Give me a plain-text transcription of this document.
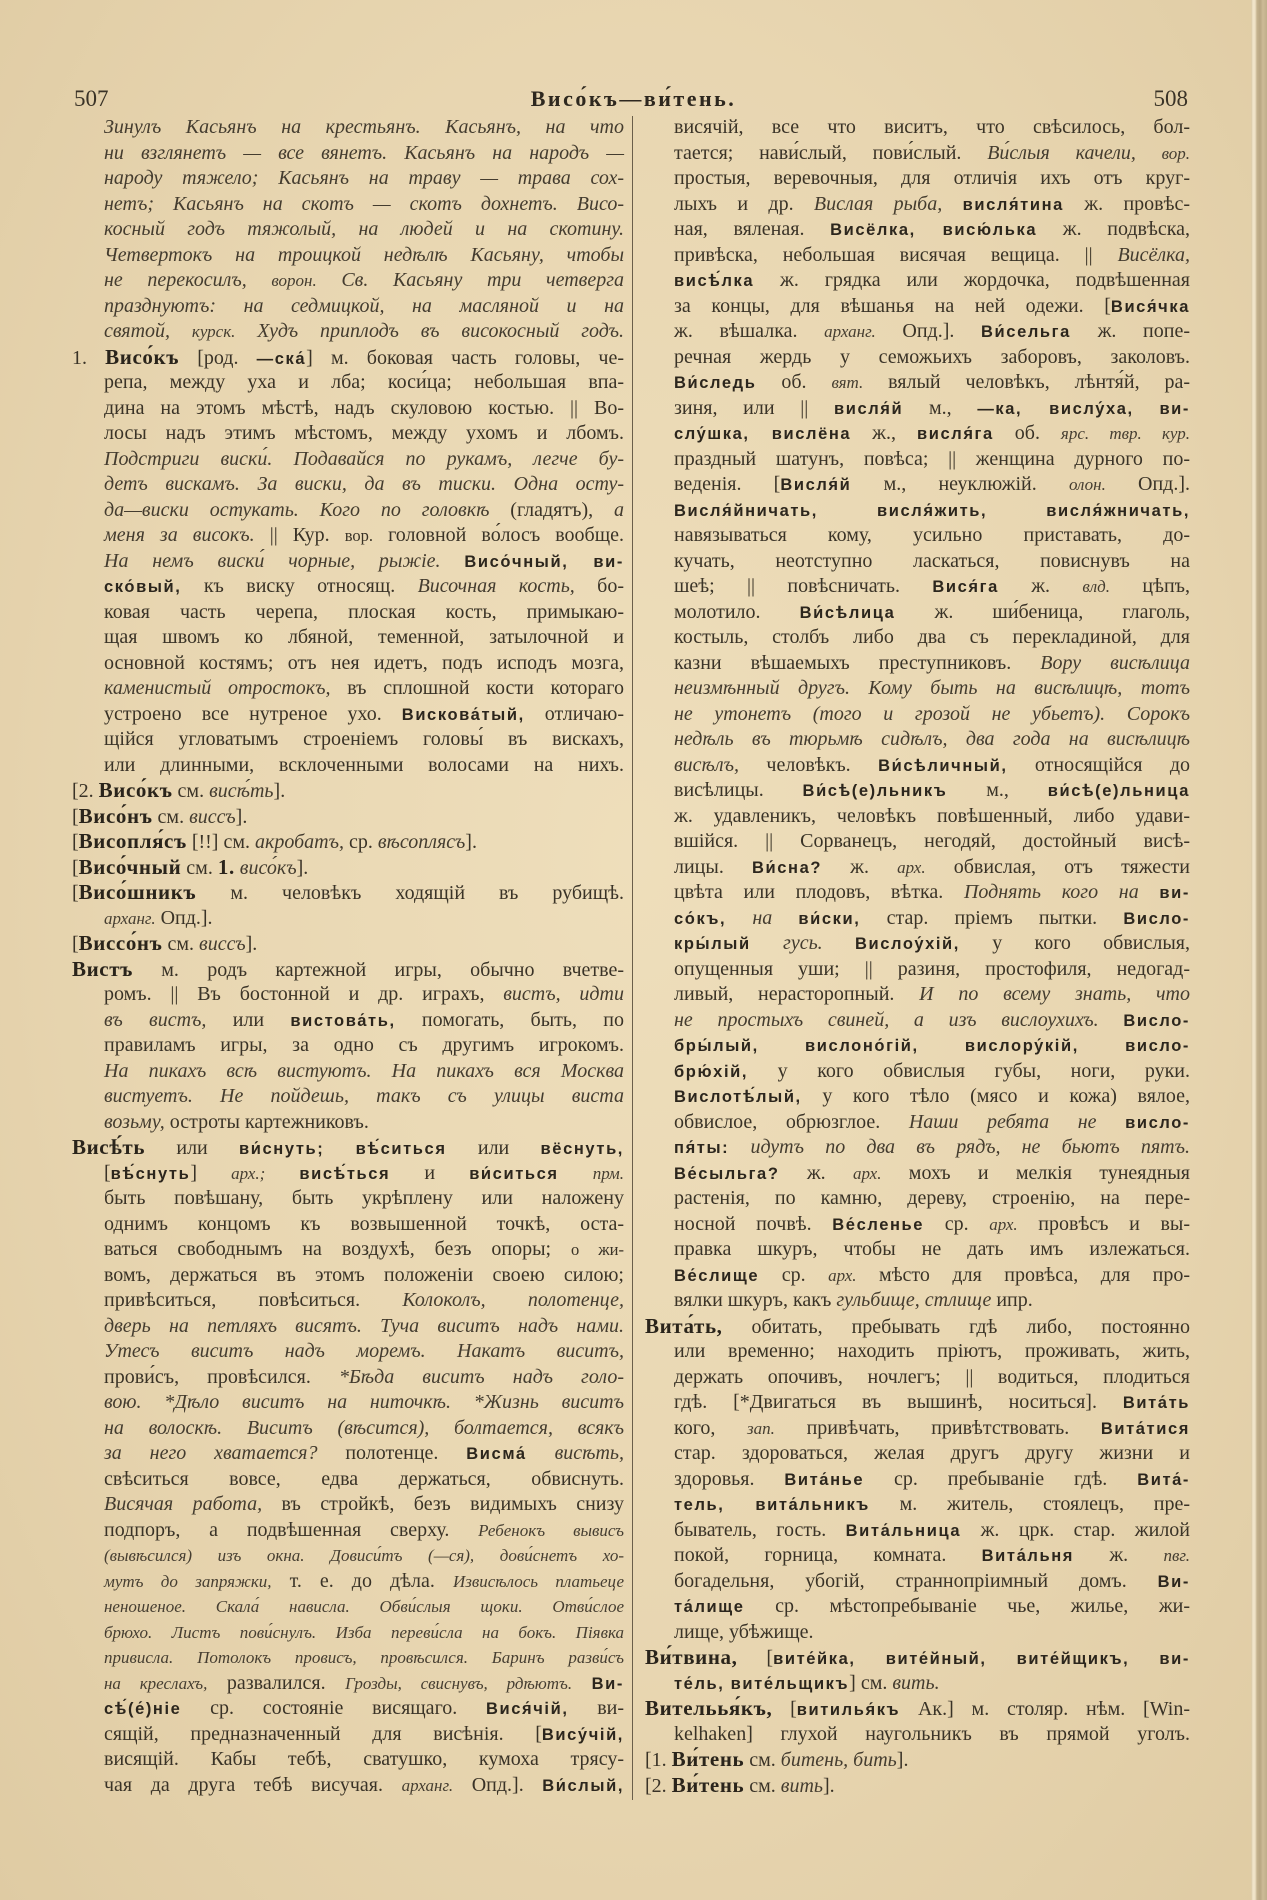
507	Висо́къ—ви́тень.	508
Зинулъ Касьянъ на крестьянъ. Касьянъ, на что
ни взглянетъ — все вянетъ. Касьянъ на народъ —
народу тяжело; Касьянъ на траву — трава сох-
нетъ; Касьянъ на скотъ — скотъ дохнетъ. Висо-
косный годъ тяжолый, на людей и на скотину.
Четвертокъ на троицкой недѣлѣ Касьяну, чтобы
не перекосилъ, ворон. Св. Касьяну три четверга
празднуютъ: на седмицкой, на масляной и на
святой, курск. Худъ приплодъ въ високосный годъ.
1. Висо́къ [род. —ска́] м. боковая часть головы, че-
репа, между уха и лба; коси́ца; небольшая впа-
дина на этомъ мѣстѣ, надъ скуловою костью. || Во-
лосы надъ этимъ мѣстомъ, между ухомъ и лбомъ.
Подстриги виски́. Подавайся по рукамъ, легче бу-
детъ вискамъ. За виски, да въ тиски. Одна осту-
да—виски остукать. Кого по головкѣ (гладятъ), а
меня за високъ. || Кур. вор. головной во́лосъ вообще.
На немъ виски́ чорные, рыжіе. Висо́чный, ви-
ско́вый, къ виску относящ. Височная кость, бо-
ковая часть черепа, плоская кость, примыкаю-
щая швомъ ко лбяной, теменной, затылочной и
основной костямъ; отъ нея идетъ, подъ исподъ мозга,
каменистый отростокъ, въ сплошной кости котораго
устроено все нутреное ухо. Вискова́тый, отличаю-
щійся угловатымъ строеніемъ головы́ въ вискахъ,
или длинными, всклоченными волосами на нихъ.
[2. Висо́къ см. висѣ́ть].
[Висо́нъ см. виссъ].
[Висопля́съ [!!] см. акробатъ, ср. вѣсоплясъ].
[Висо́чный см. 1. висо́къ].
[Висо́шникъ м. человѣкъ ходящій въ рубищѣ.
арханг. Опд.].
[Виссо́нъ см. виссъ].
Вистъ м. родъ картежной игры, обычно вчетве-
ромъ. || Въ бостонной и др. играхъ, вистъ, идти
въ вистъ, или вистова́ть, помогать, быть, по
правиламъ игры, за одно съ другимъ игрокомъ.
На пикахъ всѣ вистуютъ. На пикахъ вся Москва
вистуетъ. Не пойдешь, такъ съ улицы виста
возьму, остроты картежниковъ.
Висѣ́ть или ви́снуть; вѣ́ситься или вёснуть,
[вѣ́снуть] арх.; висѣ́ться и ви́ситься прм.
быть повѣшану, быть укрѣплену или наложену
однимъ концомъ къ возвышенной точкѣ, оста-
ваться свободнымъ на воздухѣ, безъ опоры; о жи-
вомъ, держаться въ этомъ положеніи своею силою;
привѣситься, повѣситься. Колоколъ, полотенце,
дверь на петляхъ висятъ. Туча виситъ надъ нами.
Утесъ виситъ надъ моремъ. Накатъ виситъ,
прови́съ, провѣсился. *Бѣда виситъ надъ голо-
вою. *Дѣло виситъ на ниточкѣ. *Жизнь виситъ
на волоскѣ. Виситъ (вѣсится), болтается, всякъ
за него хватается? полотенце. Висма́ висѣть,
свѣситься вовсе, едва держаться, обвиснуть.
Висячая работа, въ стройкѣ, безъ видимыхъ снизу
подпоръ, а подвѣшенная сверху. Ребенокъ вывисъ
(вывѣсился) изъ окна. Довиси́тъ (—ся), дови́снетъ хо-
мутъ до запряжки, т. е. до дѣла. Извисѣлось платьеце
неношеное. Скала́ нависла. Обви́слыя щоки. Отви́слое
брюхо. Листъ пови́снулъ. Изба переви́сла на бокъ. Піявка
привисла. Потолокъ провисъ, провѣсился. Баринъ разви́съ
на креслахъ, развалился. Грозды, свиснувъ, рдѣютъ. Ви-
сѣ́(е́)ніе ср. состояніе висящаго. Вися́чій, ви-
сящій, предназначенный для висѣнія. [Вису́чій,
висящій. Кабы тебѣ, сватушко, кумоха трясу-
чая да друга тебѣ висучая. арханг. Опд.]. Ви́слый,
висячій, все что виситъ, что свѣсилось, бол-
тается; нави́слый, пови́слый. Ви́слыя качели, вор.
простыя, веревочныя, для отличія ихъ отъ круг-
лыхъ и др. Вислая рыба, висля́тина ж. провѣс-
ная, вяленая. Висёлка, висю́лька ж. подвѣска,
привѣска, небольшая висячая вещица. || Висёлка,
висѣ́лка ж. грядка или жордочка, подвѣшенная
за концы, для вѣшанья на ней одежи. [Вися́чка
ж. вѣшалка. арханг. Опд.]. Ви́сельга ж. попе-
речная жердь у семожьихъ заборовъ, заколовъ.
Ви́следь об. вят. вялый человѣкъ, лѣнтя́й, ра-
зиня, или || висля́й м., —ка, вислу́ха, ви-
слу́шка, вислёна ж., висля́га об. ярс. твр. кур.
праздный шатунъ, повѣса; || женщина дурного по-
веденія. [Висля́й м., неуклюжій. олон. Опд.].
Висля́йничать, висля́жить, висля́жничать,
навязываться кому, усильно приставать, до-
кучать, неотступно ласкаться, повиснувъ на
шеѣ; || повѣсничать. Вися́га ж. влд. цѣпъ,
молотило. Ви́сѣлица ж. ши́беница, глаголь,
костыль, столбъ либо два съ перекладиной, для
казни вѣшаемыхъ преступниковъ. Вору висѣлица
неизмѣнный другъ. Кому быть на висѣлицѣ, тотъ
не утонетъ (того и грозой не убьетъ). Сорокъ
недѣль въ тюрьмѣ сидѣлъ, два года на висѣлицѣ
висѣлъ, человѣкъ. Ви́сѣличный, относящійся до
висѣлицы. Ви́сѣ(е)льникъ м., ви́сѣ(е)льница
ж. удавленикъ, человѣкъ повѣшенный, либо удави-
вшійся. || Сорванецъ, негодяй, достойный висѣ-
лицы. Ви́сна? ж. арх. обвислая, отъ тяжести
цвѣта или плодовъ, вѣтка. Поднять кого на ви-
со́къ, на ви́ски, стар. пріемъ пытки. Висло-
кры́лый гусь. Вислоу́хій, у кого обвислыя,
опущенныя уши; || разиня, простофиля, недогад-
ливый, нерасторопный. И по всему знать, что
не простыхъ свиней, а изъ вислоухихъ. Висло-
бры́лый, вислоно́гій, вислору́кій, висло-
брю́хій, у кого обвислыя губы, ноги, руки.
Вислотѣ́лый, у кого тѣло (мясо и кожа) вялое,
обвислое, обрюзглое. Наши ребята не висло-
пя́ты: идутъ по два въ рядъ, не бьютъ пятъ.
Ве́сыльга? ж. арх. мохъ и мелкія тунеядныя
растенія, по камню, дереву, строенію, на пере-
носной почвѣ. Ве́сленье ср. арх. провѣсъ и вы-
правка шкуръ, чтобы не дать имъ излежаться.
Ве́слище ср. арх. мѣсто для провѣса, для про-
вялки шкуръ, какъ гульбище, стлище ипр.
Вита́ть, обитать, пребывать гдѣ либо, постоянно
или временно; находить пріютъ, проживать, жить,
держать опочивъ, ночлегъ; || водиться, плодиться
гдѣ. [*Двигаться въ вышинѣ, носиться]. Вита́ть
кого, зап. привѣчать, привѣтствовать. Вита́тися
стар. здороваться, желая другъ другу жизни и
здоровья. Вита́нье ср. пребываніе гдѣ. Вита́-
тель, вита́льникъ м. житель, стоялецъ, пре-
быватель, гость. Вита́льница ж. црк. стар. жилой
покой, горница, комната. Вита́льня ж. пвг.
богадельня, убогій, страннопріимный домъ. Ви-
та́лище ср. мѣстопребываніе чье, жилье, жи-
лище, убѣжище.
Ви́твина, [вите́йка, вите́йный, вите́йщикъ, ви-
те́ль, вите́льщикъ] см. вить.
Вительья́къ, [витилья́къ Ак.] м. столяр. нѣм. [Win-
kelhaken] глухой наугольникъ въ прямой уголъ.
[1. Ви́тень см. битень, бить].
[2. Ви́тень см. вить].
